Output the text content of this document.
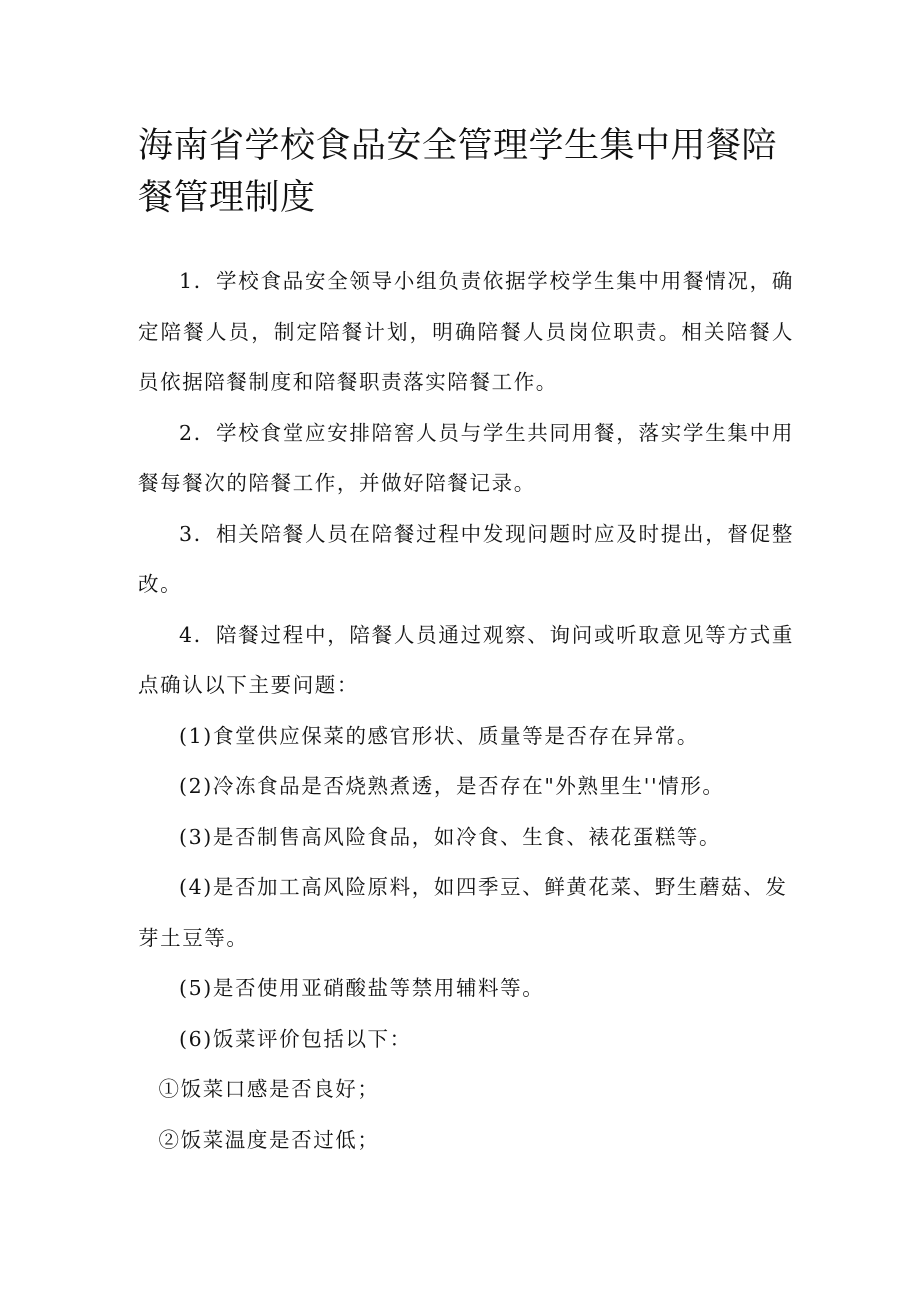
海南省学校食品安全管理学生集中用餐陪餐管理制度

1．学校食品安全领导小组负责依据学校学生集中用餐情况，确定陪餐人员，制定陪餐计划，明确陪餐人员岗位职责。相关陪餐人员依据陪餐制度和陪餐职责落实陪餐工作。

2．学校食堂应安排陪窖人员与学生共同用餐，落实学生集中用餐每餐次的陪餐工作，并做好陪餐记录。

3．相关陪餐人员在陪餐过程中发现问题时应及时提出，督促整改。

4．陪餐过程中，陪餐人员通过观察、询问或听取意见等方式重点确认以下主要问题：

(1)食堂供应保菜的感官形状、质量等是否存在异常。

(2)冷冻食品是否烧熟煮透，是否存在"外熟里生''情形。

(3)是否制售高风险食品，如冷食、生食、裱花蛋糕等。

(4)是否加工高风险原料，如四季豆、鲜黄花菜、野生蘑菇、发芽土豆等。

(5)是否使用亚硝酸盐等禁用辅料等。

(6)饭菜评价包括以下：

①饭菜口感是否良好；

②饭菜温度是否过低；
